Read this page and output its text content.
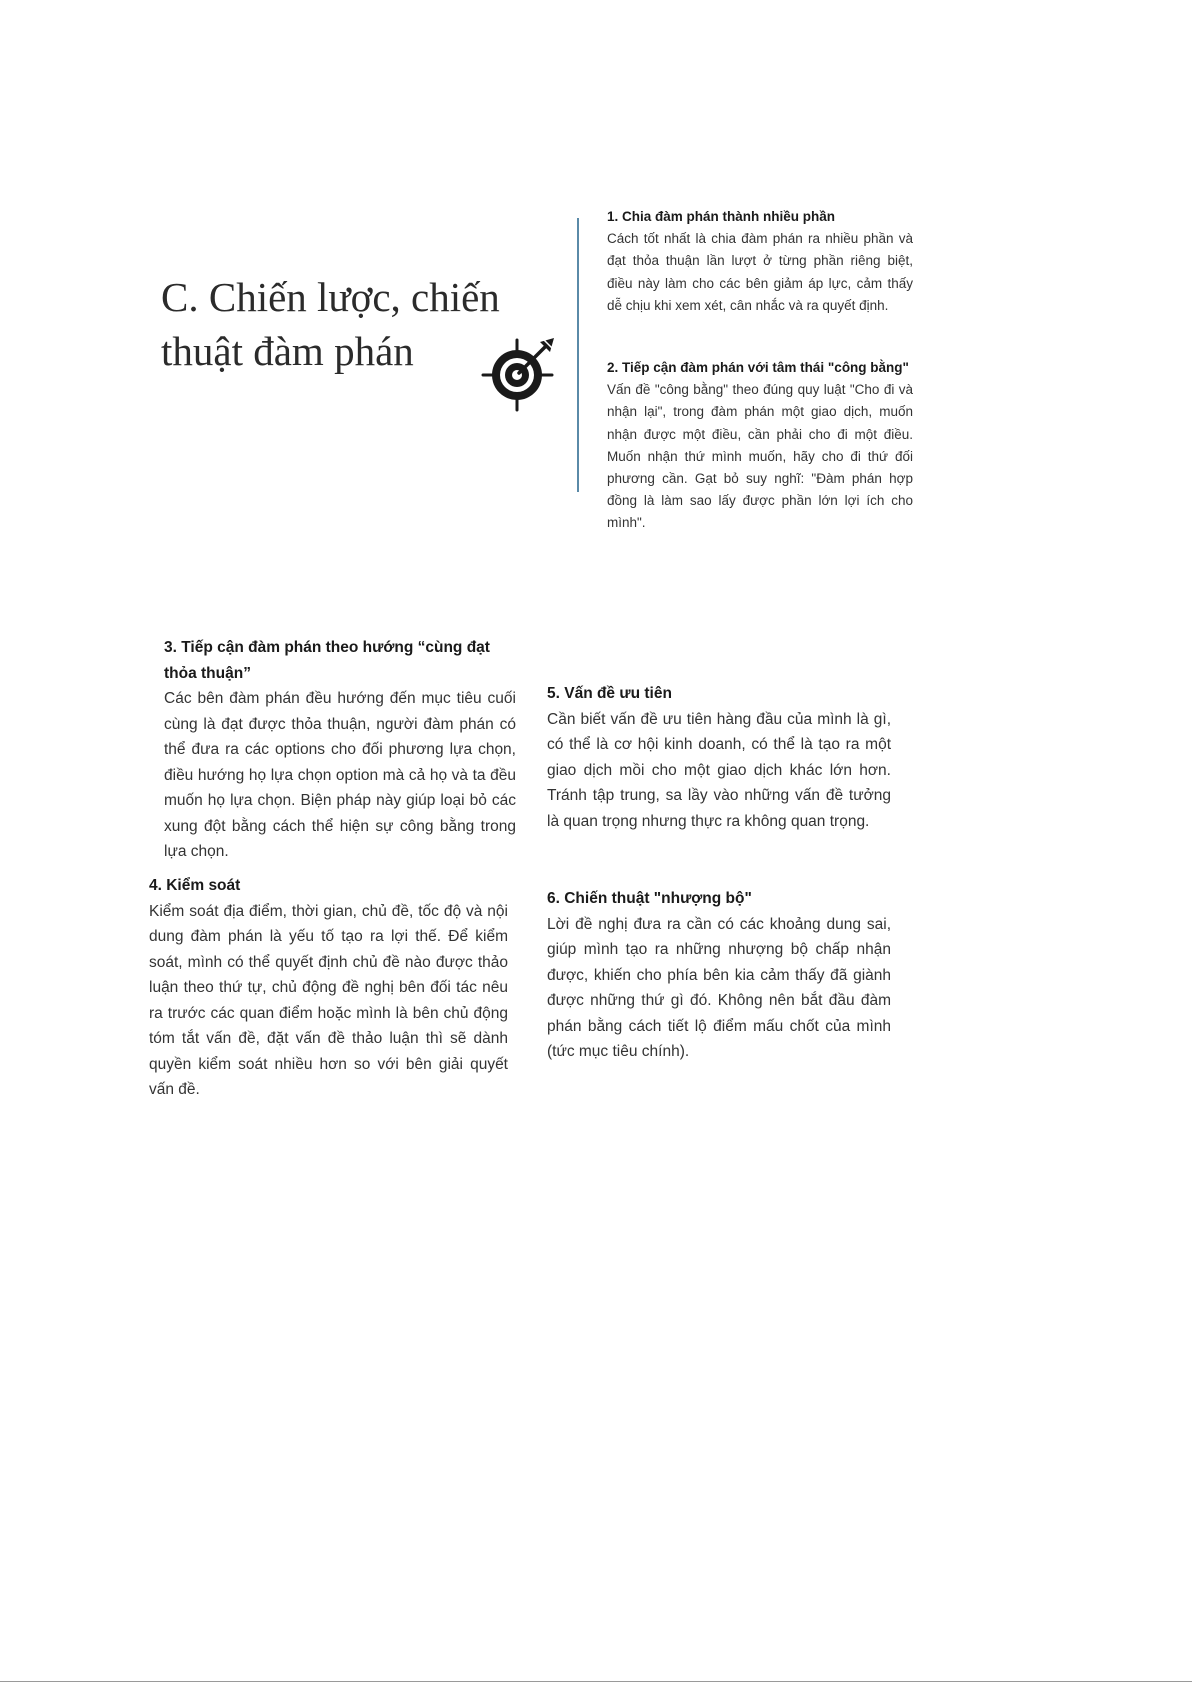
C. Chiến lược, chiến thuật đàm phán
1. Chia đàm phán thành nhiều phần

Cách tốt nhất là chia đàm phán ra nhiều phần và đạt thỏa thuận lần lượt ở từng phần riêng biệt, điều này làm cho các bên giảm áp lực, cảm thấy dễ chịu khi xem xét, cân nhắc và ra quyết định.

2. Tiếp cận đàm phán với tâm thái "công bằng"

Vấn đề "công bằng" theo đúng quy luật "Cho đi và nhận lại", trong đàm phán một giao dịch, muốn nhận được một điều, cần phải cho đi một điều. Muốn nhận thứ mình muốn, hãy cho đi thứ đối phương cần. Gạt bỏ suy nghĩ: "Đàm phán hợp đồng là làm sao lấy được phần lớn lợi ích cho mình".

3. Tiếp cận đàm phán theo hướng “cùng đạt thỏa thuận”

Các bên đàm phán đều hướng đến mục tiêu cuối cùng là đạt được thỏa thuận, người đàm phán có thể đưa ra các options cho đối phương lựa chọn, điều hướng họ lựa chọn option mà cả họ và ta đều muốn họ lựa chọn. Biện pháp này giúp loại bỏ các xung đột bằng cách thể hiện sự công bằng trong lựa chọn.

4. Kiểm soát

Kiểm soát địa điểm, thời gian, chủ đề, tốc độ và nội dung đàm phán là yếu tố tạo ra lợi thế. Để kiểm soát, mình có thể quyết định chủ đề nào được thảo luận theo thứ tự, chủ động đề nghị bên đối tác nêu ra trước các quan điểm hoặc mình là bên chủ động tóm tắt vấn đề, đặt vấn đề thảo luận thì sẽ dành quyền kiểm soát nhiều hơn so với bên giải quyết vấn đề.

5. Vấn đề ưu tiên

Cần biết vấn đề ưu tiên hàng đầu của mình là gì, có thể là cơ hội kinh doanh, có thể là tạo ra một giao dịch mồi cho một giao dịch khác lớn hơn. Tránh tập trung, sa lầy vào những vấn đề tưởng là quan trọng nhưng thực ra không quan trọng.

6. Chiến thuật "nhượng bộ"

Lời đề nghị đưa ra cần có các khoảng dung sai, giúp mình tạo ra những nhượng bộ chấp nhận được, khiến cho phía bên kia cảm thấy đã giành được những thứ gì đó. Không nên bắt đầu đàm phán bằng cách tiết lộ điểm mấu chốt của mình (tức mục tiêu chính).
